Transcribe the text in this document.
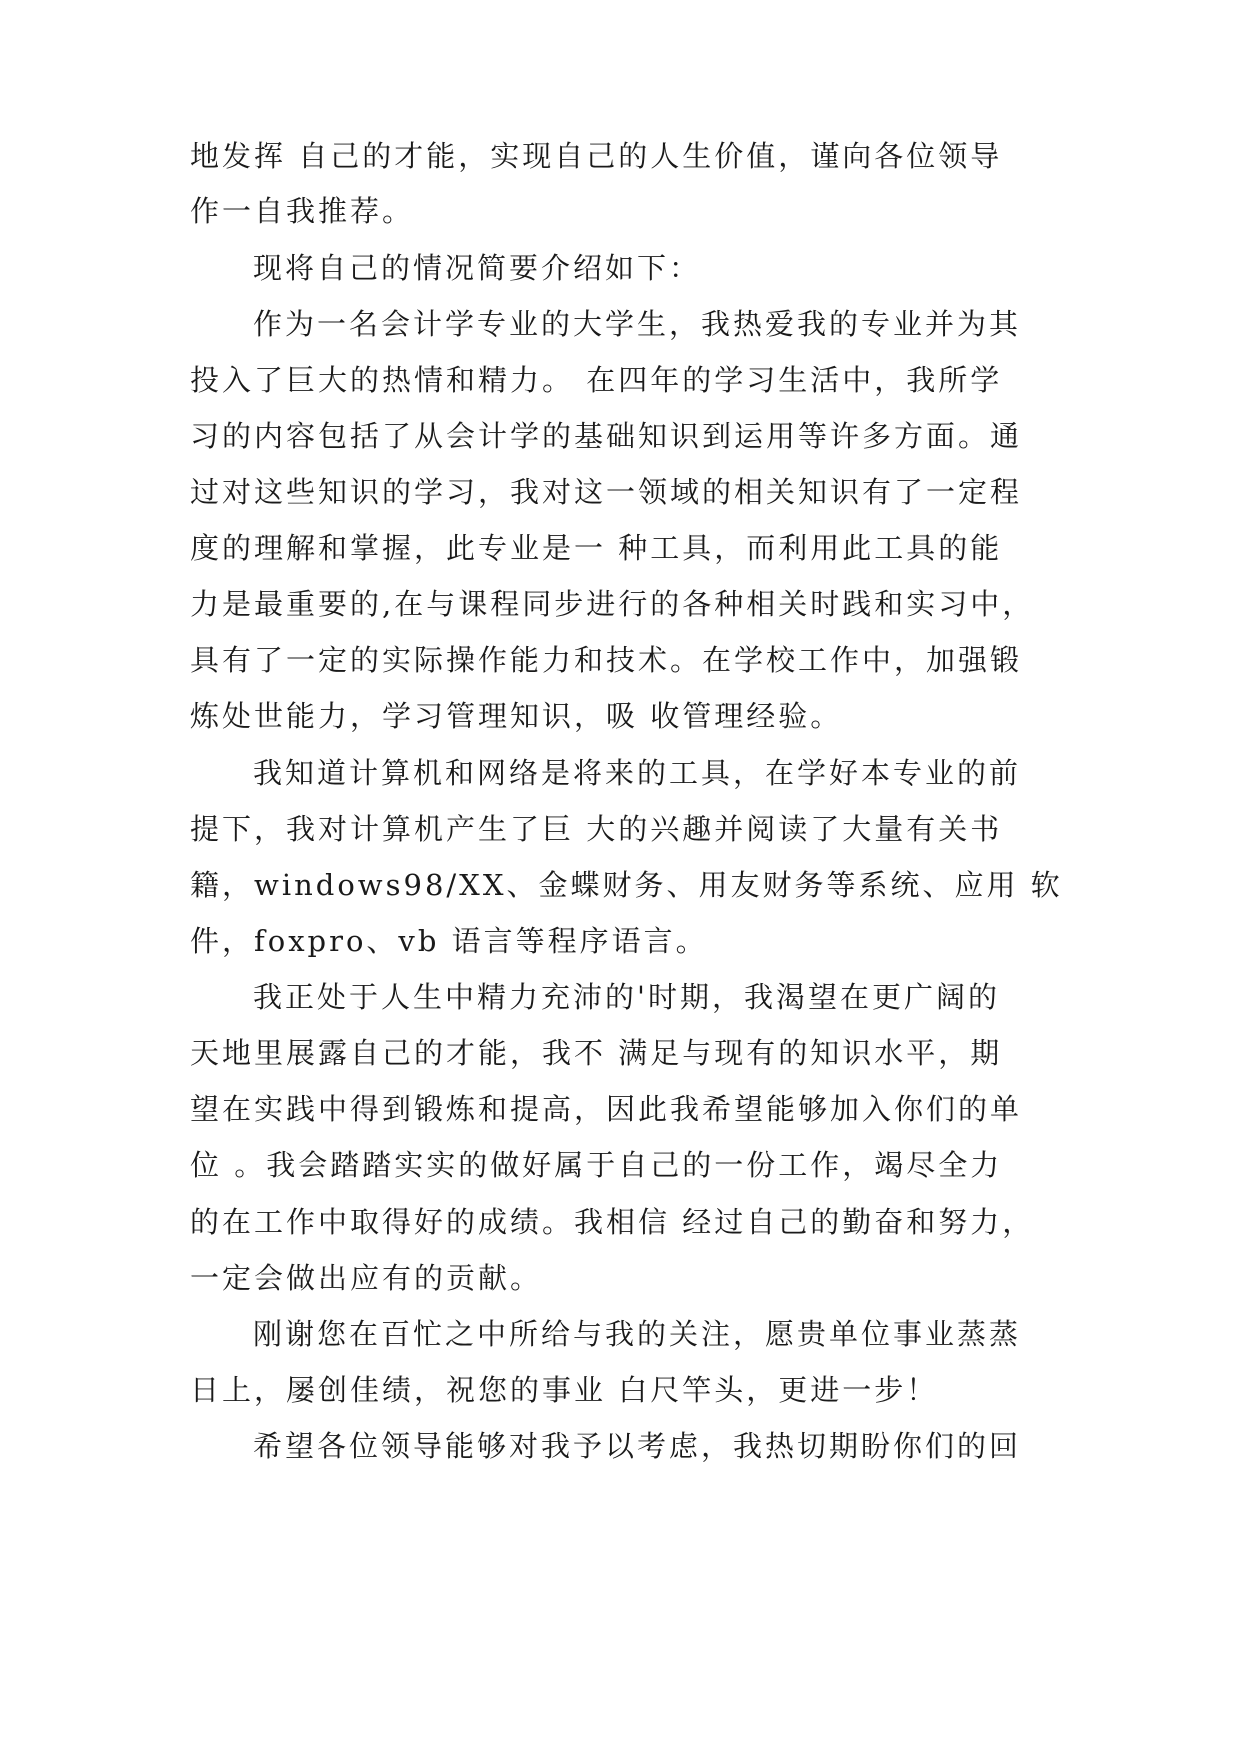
地发挥 自己的才能，实现自己的人生价值，谨向各位领导
作一自我推荐。
现将自己的情况简要介绍如下：
作为一名会计学专业的大学生，我热爱我的专业并为其
投入了巨大的热情和精力。 在四年的学习生活中，我所学
习的内容包括了从会计学的基础知识到运用等许多方面。通
过对这些知识的学习，我对这一领域的相关知识有了一定程
度的理解和掌握，此专业是一 种工具，而利用此工具的能
力是最重要的,在与课程同步进行的各种相关时践和实习中，
具有了一定的实际操作能力和技术。在学校工作中，加强锻
炼处世能力，学习管理知识，吸 收管理经验。
我知道计算机和网络是将来的工具，在学好本专业的前
提下，我对计算机产生了巨 大的兴趣并阅读了大量有关书
籍，windows98/XX、金蝶财务、用友财务等系统、应用 软
件，foxpro、vb 语言等程序语言。
我正处于人生中精力充沛的'时期，我渴望在更广阔的
天地里展露自己的才能，我不 满足与现有的知识水平，期
望在实践中得到锻炼和提高，因此我希望能够加入你们的单
位 。我会踏踏实实的做好属于自己的一份工作，竭尽全力
的在工作中取得好的成绩。我相信 经过自己的勤奋和努力，
一定会做出应有的贡献。
刚谢您在百忙之中所给与我的关注，愿贵单位事业蒸蒸
日上，屡创佳绩，祝您的事业 白尺竿头，更进一步！
希望各位领导能够对我予以考虑，我热切期盼你们的回
